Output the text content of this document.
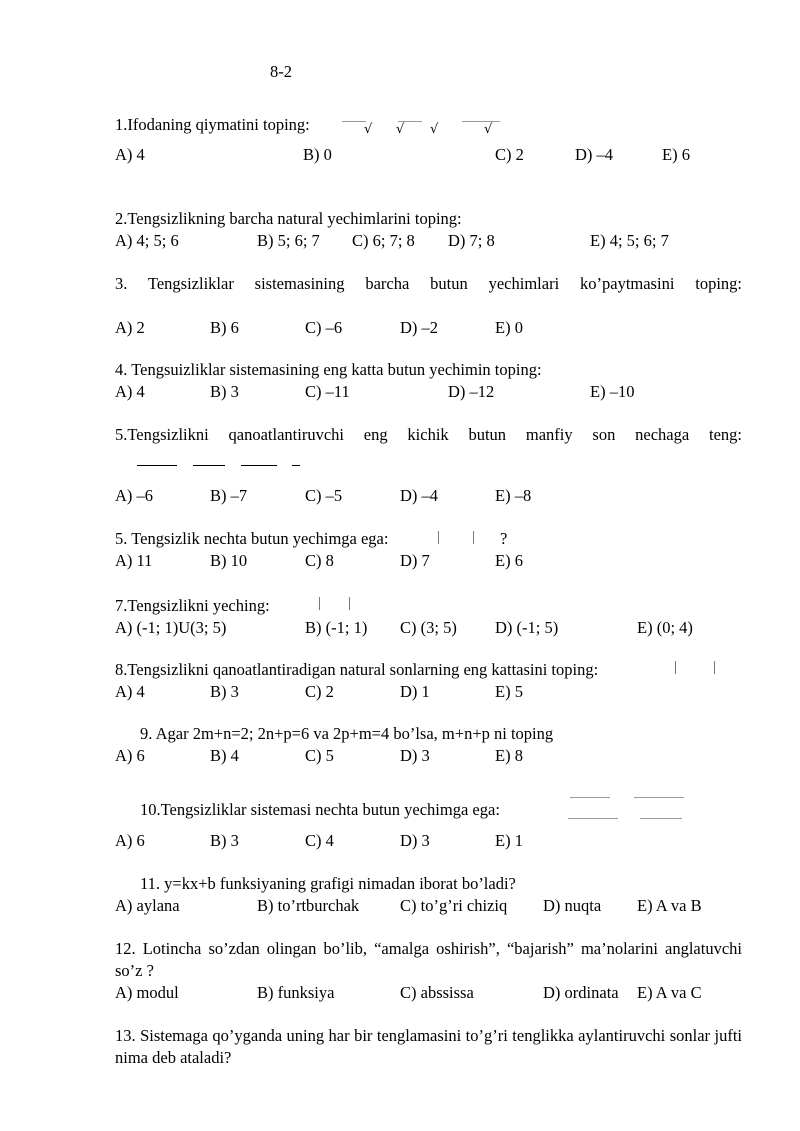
8-2
1.Ifodaning qiymatini toping:	√ √ √	√
A) 4	B) 0	C) 2	D) –4	E) 6
2.Tengsizlikning barcha natural yechimlarini toping:
A) 4; 5; 6	B) 5; 6; 7 C) 6; 7; 8 D) 7; 8	E) 4; 5; 6; 7
3. Tengsizliklar sistemasining barcha butun yechimlari ko’paytmasini toping:
A) 2	B) 6	C) –6	D) –2	E) 0
4. Tengsuizliklar sistemasining eng katta butun yechimin toping:
A) 4	B) 3	C) –11	D) –12	E) –10
5.Tengsizlikni qanoatlantiruvchi eng kichik butun manfiy son nechaga teng:
A) –6	B) –7	C) –5	D) –4	E) –8
5. Tengsizlik nechta butun yechimga ega:	?
A) 11	B) 10	C) 8	D) 7	E) 6
7.Tengsizlikni yeching:
A) (-1; 1)U(3; 5)	B) (-1; 1) C) (3; 5) D) (-1; 5)	E) (0; 4)
8.Tengsizlikni qanoatlantiradigan natural sonlarning eng kattasini toping:
A) 4	B) 3	C) 2	D) 1	E) 5
9. Agar 2m+n=2; 2n+p=6 va 2p+m=4 bo’lsa, m+n+p ni toping
A) 6	B) 4	C) 5	D) 3	E) 8
10.Tengsizliklar sistemasi nechta butun yechimga ega:
A) 6	B) 3	C) 4	D) 3	E) 1
11. y=kx+b funksiyaning grafigi nimadan iborat bo’ladi?
A) aylana	B) to’rtburchak C) to’g’ri chiziq D) nuqta E) A va B
12. Lotincha so’zdan olingan bo’lib, “amalga oshirish”, “bajarish” ma’nolarini anglatuvchi so’z ?
A) modul	B) funksiya	C) abssissa	D) ordinata E) A va C
13. Sistemaga qo’yganda uning har bir tenglamasini to’g’ri tenglikka aylantiruvchi sonlar jufti nima deb ataladi?
